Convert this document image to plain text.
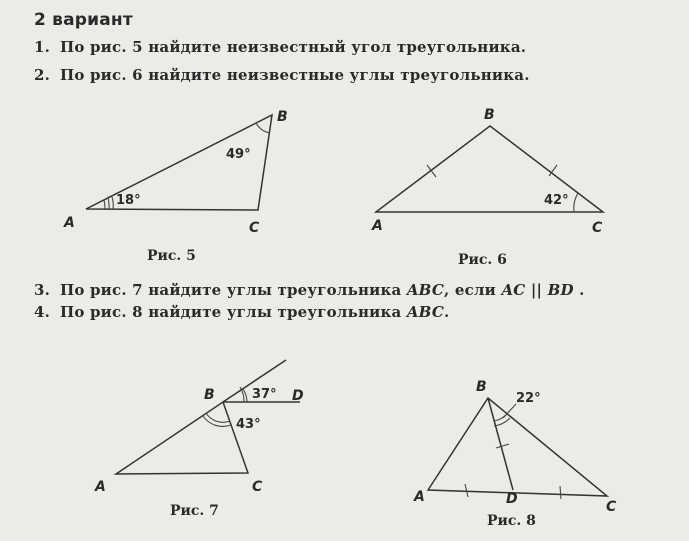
2 вариант
1. По рис. 5 найдите неизвестный угол треугольника.
2. По рис. 6 найдите неизвестные углы треугольника.
3. По рис. 7 найдите углы треугольника ABC, если AC || BD .
4. По рис. 8 найдите углы треугольника ABC.
B
A	C
49°
18°
B
A	C
42°
B	D
A	C
37°
43°
B
A	D	C
22°
Рис. 5	Рис. 6
Рис. 7
Рис. 8
